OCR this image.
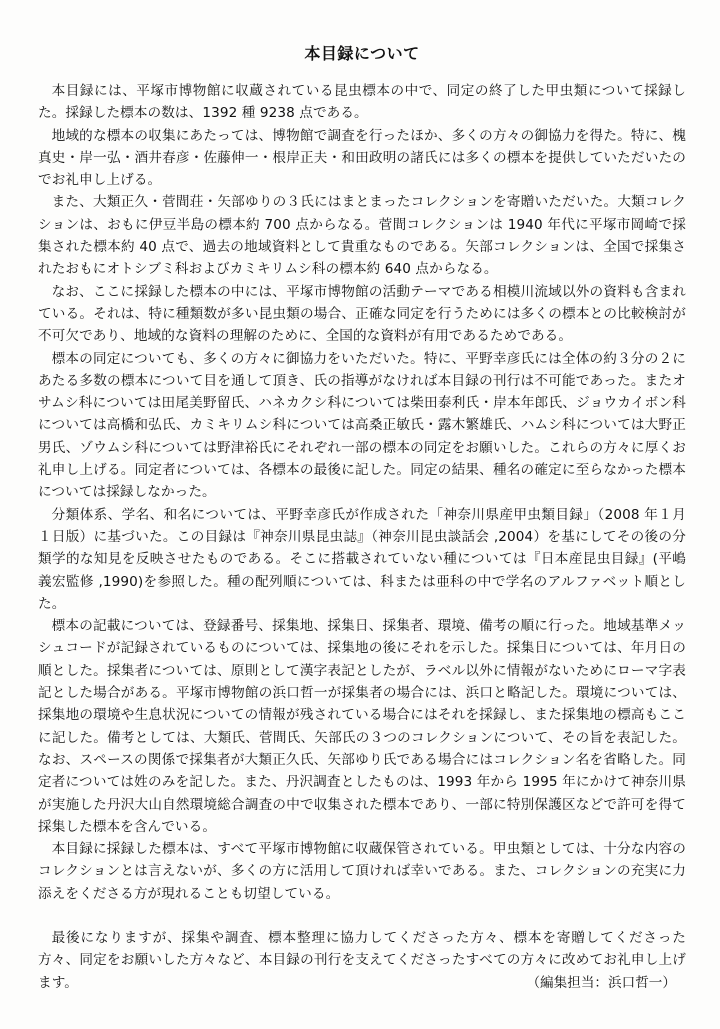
本目録について

本目録には、平塚市博物館に収蔵されている昆虫標本の中で、同定の終了した甲虫類について採録した。採録した標本の数は、1392 種 9238 点である。

地域的な標本の収集にあたっては、博物館で調査を行ったほか、多くの方々の御協力を得た。特に、槐真史・岸一弘・酒井春彦・佐藤伸一・根岸正夫・和田政明の諸氏には多くの標本を提供していただいたのでお礼申し上げる。

また、大類正久・菅間荘・矢部ゆりの３氏にはまとまったコレクションを寄贈いただいた。大類コレクションは、おもに伊豆半島の標本約 700 点からなる。菅間コレクションは 1940 年代に平塚市岡崎で採集された標本約 40 点で、過去の地域資料として貴重なものである。矢部コレクションは、全国で採集されたおもにオトシブミ科およびカミキリムシ科の標本約 640 点からなる。

なお、ここに採録した標本の中には、平塚市博物館の活動テーマである相模川流域以外の資料も含まれている。それは、特に種類数が多い昆虫類の場合、正確な同定を行うためには多くの標本との比較検討が不可欠であり、地域的な資料の理解のために、全国的な資料が有用であるためである。

標本の同定についても、多くの方々に御協力をいただいた。特に、平野幸彦氏には全体の約３分の２にあたる多数の標本について目を通して頂き、氏の指導がなければ本目録の刊行は不可能であった。またオサムシ科については田尾美野留氏、ハネカクシ科については柴田泰利氏・岸本年郎氏、ジョウカイボン科については高橋和弘氏、カミキリムシ科については高桑正敏氏・露木繁雄氏、ハムシ科については大野正男氏、ゾウムシ科については野津裕氏にそれぞれ一部の標本の同定をお願いした。これらの方々に厚くお礼申し上げる。同定者については、各標本の最後に記した。同定の結果、種名の確定に至らなかった標本については採録しなかった。

分類体系、学名、和名については、平野幸彦氏が作成された「神奈川県産甲虫類目録」（2008 年１月１日版）に基づいた。この目録は『神奈川県昆虫誌』（神奈川昆虫談話会 ,2004）を基にしてその後の分類学的な知見を反映させたものである。そこに搭載されていない種については『日本産昆虫目録』(平嶋義宏監修 ,1990)を参照した。種の配列順については、科または亜科の中で学名のアルファベット順とした。

標本の記載については、登録番号、採集地、採集日、採集者、環境、備考の順に行った。地域基準メッシュコードが記録されているものについては、採集地の後にそれを示した。採集日については、年月日の順とした。採集者については、原則として漢字表記としたが、ラベル以外に情報がないためにローマ字表記とした場合がある。平塚市博物館の浜口哲一が採集者の場合には、浜口と略記した。環境については、採集地の環境や生息状況についての情報が残されている場合にはそれを採録し、また採集地の標高もここに記した。備考としては、大類氏、菅間氏、矢部氏の３つのコレクションについて、その旨を表記した。なお、スペースの関係で採集者が大類正久氏、矢部ゆり氏である場合にはコレクション名を省略した。同定者については姓のみを記した。また、丹沢調査としたものは、1993 年から 1995 年にかけて神奈川県が実施した丹沢大山自然環境総合調査の中で収集された標本であり、一部に特別保護区などで許可を得て採集した標本を含んでいる。

本目録に採録した標本は、すべて平塚市博物館に収蔵保管されている。甲虫類としては、十分な内容のコレクションとは言えないが、多くの方に活用して頂ければ幸いである。また、コレクションの充実に力添えをくださる方が現れることも切望している。

最後になりますが、採集や調査、標本整理に協力してくださった方々、標本を寄贈してくださった方々、同定をお願いした方々など、本目録の刊行を支えてくださったすべての方々に改めてお礼申し上げます。	（編集担当：浜口哲一）
